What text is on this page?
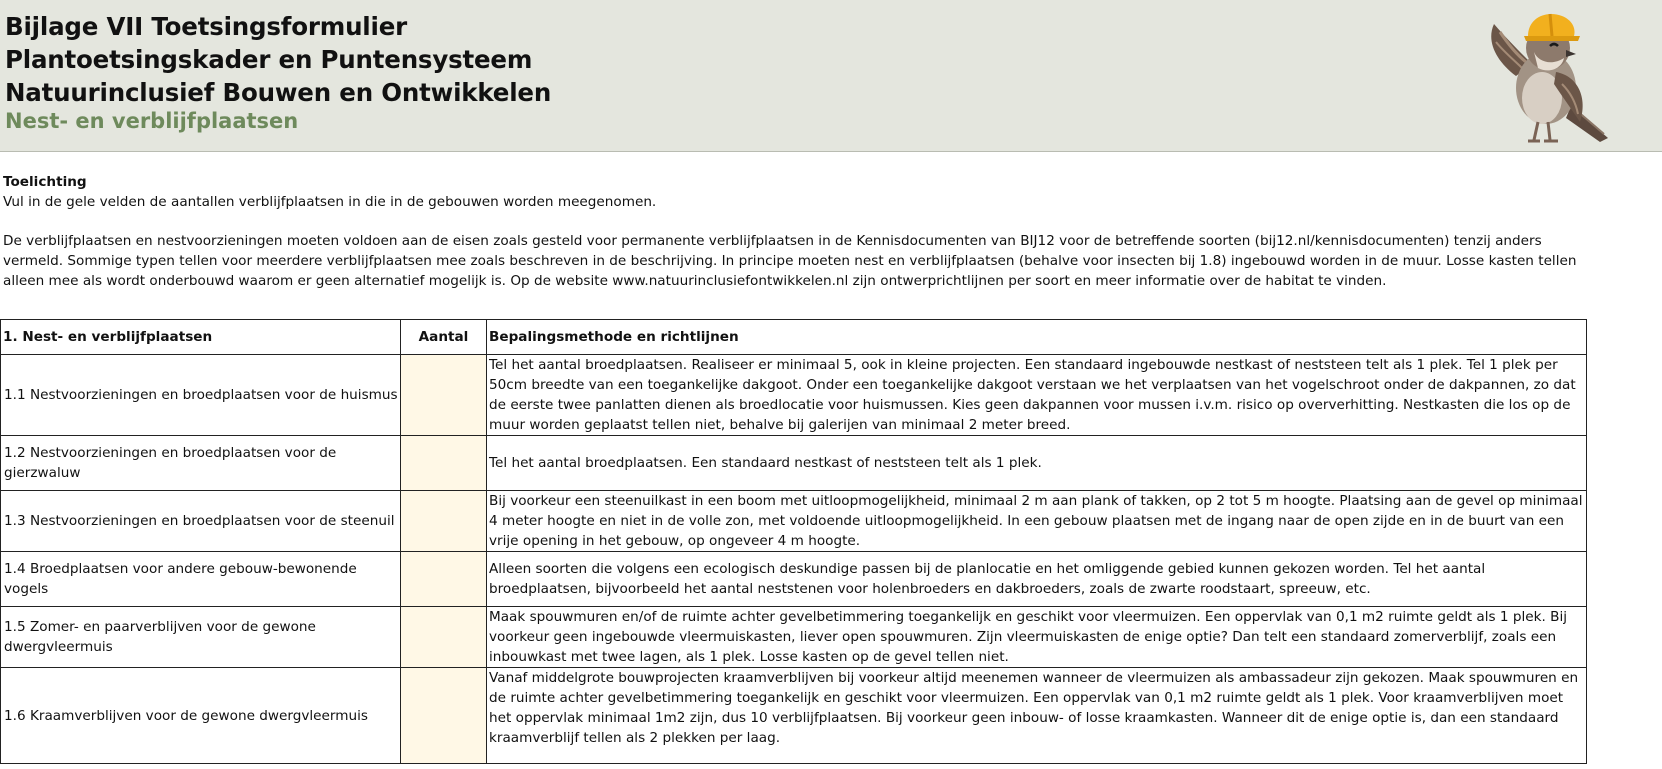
Bijlage VII Toetsingsformulier
Plantoetsingskader en Puntensysteem
Natuurinclusief Bouwen en Ontwikkelen
Nest- en verblijfplaatsen

Toelichting

Vul in de gele velden de aantallen verblijfplaatsen in die in de gebouwen worden meegenomen.

De verblijfplaatsen en nestvoorzieningen moeten voldoen aan de eisen zoals gesteld voor permanente verblijfplaatsen in de Kennisdocumenten van BIJ12 voor de betreffende soorten (bij12.nl/kennisdocumenten) tenzij anders vermeld. Sommige typen tellen voor meerdere verblijfplaatsen mee zoals beschreven in de beschrijving. In principe moeten nest en verblijfplaatsen (behalve voor insecten bij 1.8) ingebouwd worden in de muur. Losse kasten tellen alleen mee als wordt onderbouwd waarom er geen alternatief mogelijk is. Op de website www.natuurinclusiefontwikkelen.nl zijn ontwerprichtlijnen per soort en meer informatie over de habitat te vinden.

1. Nest- en verblijfplaatsen	Aantal	Bepalingsmethode en richtlijnen
1.1 Nestvoorzieningen en broedplaatsen voor de huismus		Tel het aantal broedplaatsen. Realiseer er minimaal 5, ook in kleine projecten. Een standaard ingebouwde nestkast of neststeen telt als 1 plek. Tel 1 plek per 50cm breedte van een toegankelijke dakgoot. Onder een toegankelijke dakgoot verstaan we het verplaatsen van het vogelschroot onder de dakpannen, zo dat de eerste twee panlatten dienen als broedlocatie voor huismussen. Kies geen dakpannen voor mussen i.v.m. risico op oververhitting. Nestkasten die los op de muur worden geplaatst tellen niet, behalve bij galerijen van minimaal 2 meter breed.
1.2 Nestvoorzieningen en broedplaatsen voor de gierzwaluw		Tel het aantal broedplaatsen. Een standaard nestkast of neststeen telt als 1 plek.
1.3 Nestvoorzieningen en broedplaatsen voor de steenuil		Bij voorkeur een steenuilkast in een boom met uitloopmogelijkheid, minimaal 2 m aan plank of takken, op 2 tot 5 m hoogte. Plaatsing aan de gevel op minimaal 4 meter hoogte en niet in de volle zon, met voldoende uitloopmogelijkheid. In een gebouw plaatsen met de ingang naar de open zijde en in de buurt van een vrije opening in het gebouw, op ongeveer 4 m hoogte.
1.4 Broedplaatsen voor andere gebouw-bewonende vogels		Alleen soorten die volgens een ecologisch deskundige passen bij de planlocatie en het omliggende gebied kunnen gekozen worden. Tel het aantal broedplaatsen, bijvoorbeeld het aantal neststenen voor holenbroeders en dakbroeders, zoals de zwarte roodstaart, spreeuw, etc.
1.5 Zomer- en paarverblijven voor de gewone dwergvleermuis		Maak spouwmuren en/of de ruimte achter gevelbetimmering toegankelijk en geschikt voor vleermuizen. Een oppervlak van 0,1 m2 ruimte geldt als 1 plek. Bij voorkeur geen ingebouwde vleermuiskasten, liever open spouwmuren. Zijn vleermuiskasten de enige optie? Dan telt een standaard zomerverblijf, zoals een inbouwkast met twee lagen, als 1 plek. Losse kasten op de gevel tellen niet.
1.6 Kraamverblijven voor de gewone dwergvleermuis		Vanaf middelgrote bouwprojecten kraamverblijven bij voorkeur altijd meenemen wanneer de vleermuizen als ambassadeur zijn gekozen. Maak spouwmuren en de ruimte achter gevelbetimmering toegankelijk en geschikt voor vleermuizen. Een oppervlak van 0,1 m2 ruimte geldt als 1 plek. Voor kraamverblijven moet het oppervlak minimaal 1m2 zijn, dus 10 verblijfplaatsen. Bij voorkeur geen inbouw- of losse kraamkasten. Wanneer dit de enige optie is, dan een standaard kraamverblijf tellen als 2 plekken per laag.
